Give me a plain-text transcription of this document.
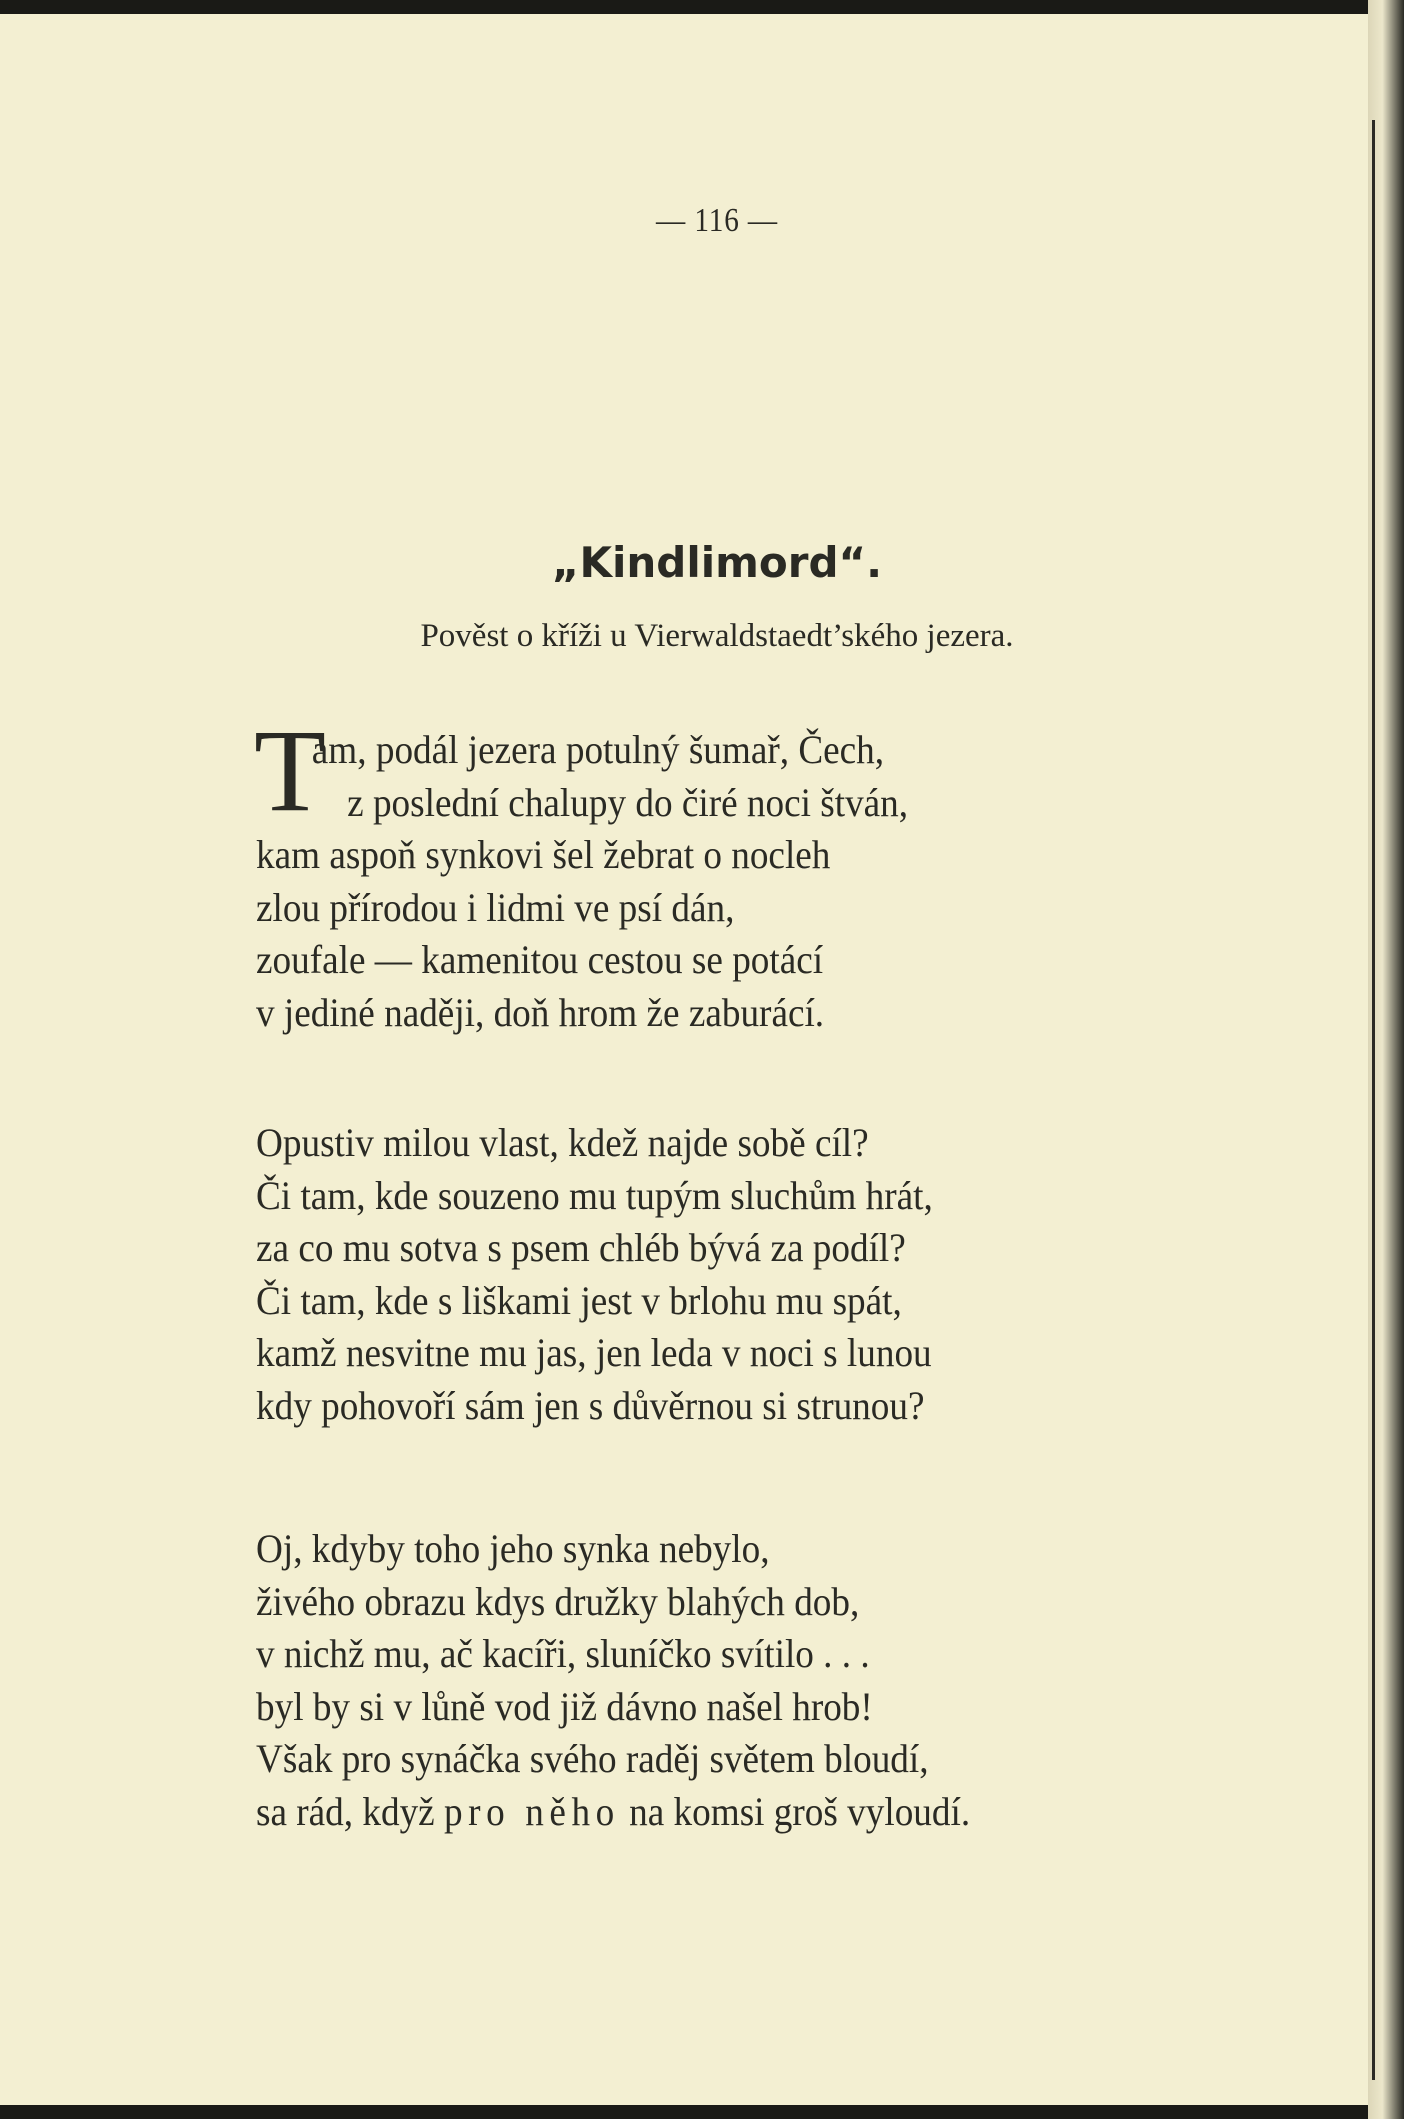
— 116 —
„Kindlimord“.
Pověst o kříži u Vierwaldstaedt’ského jezera.
T
am, podál jezera potulný šumař, Čech,
z poslední chalupy do čiré noci štván,
kam aspoň synkovi šel žebrat o nocleh
zlou přírodou i lidmi ve psí dán,
zoufale — kamenitou cestou se potácí
v jediné naději, doň hrom že zaburácí.
Opustiv milou vlast, kdež najde sobě cíl?
Či tam, kde souzeno mu tupým sluchům hrát,
za co mu sotva s psem chléb bývá za podíl?
Či tam, kde s liškami jest v brlohu mu spát,
kamž nesvitne mu jas, jen leda v noci s lunou
kdy pohovoří sám jen s důvěrnou si strunou?
Oj, kdyby toho jeho synka nebylo,
živého obrazu kdys družky blahých dob,
v nichž mu, ač kacíři, sluníčko svítilo . . .
byl by si v lůně vod již dávno našel hrob!
Však pro synáčka svého raděj světem bloudí,
sa rád, když pro něho na komsi groš vyloudí.
